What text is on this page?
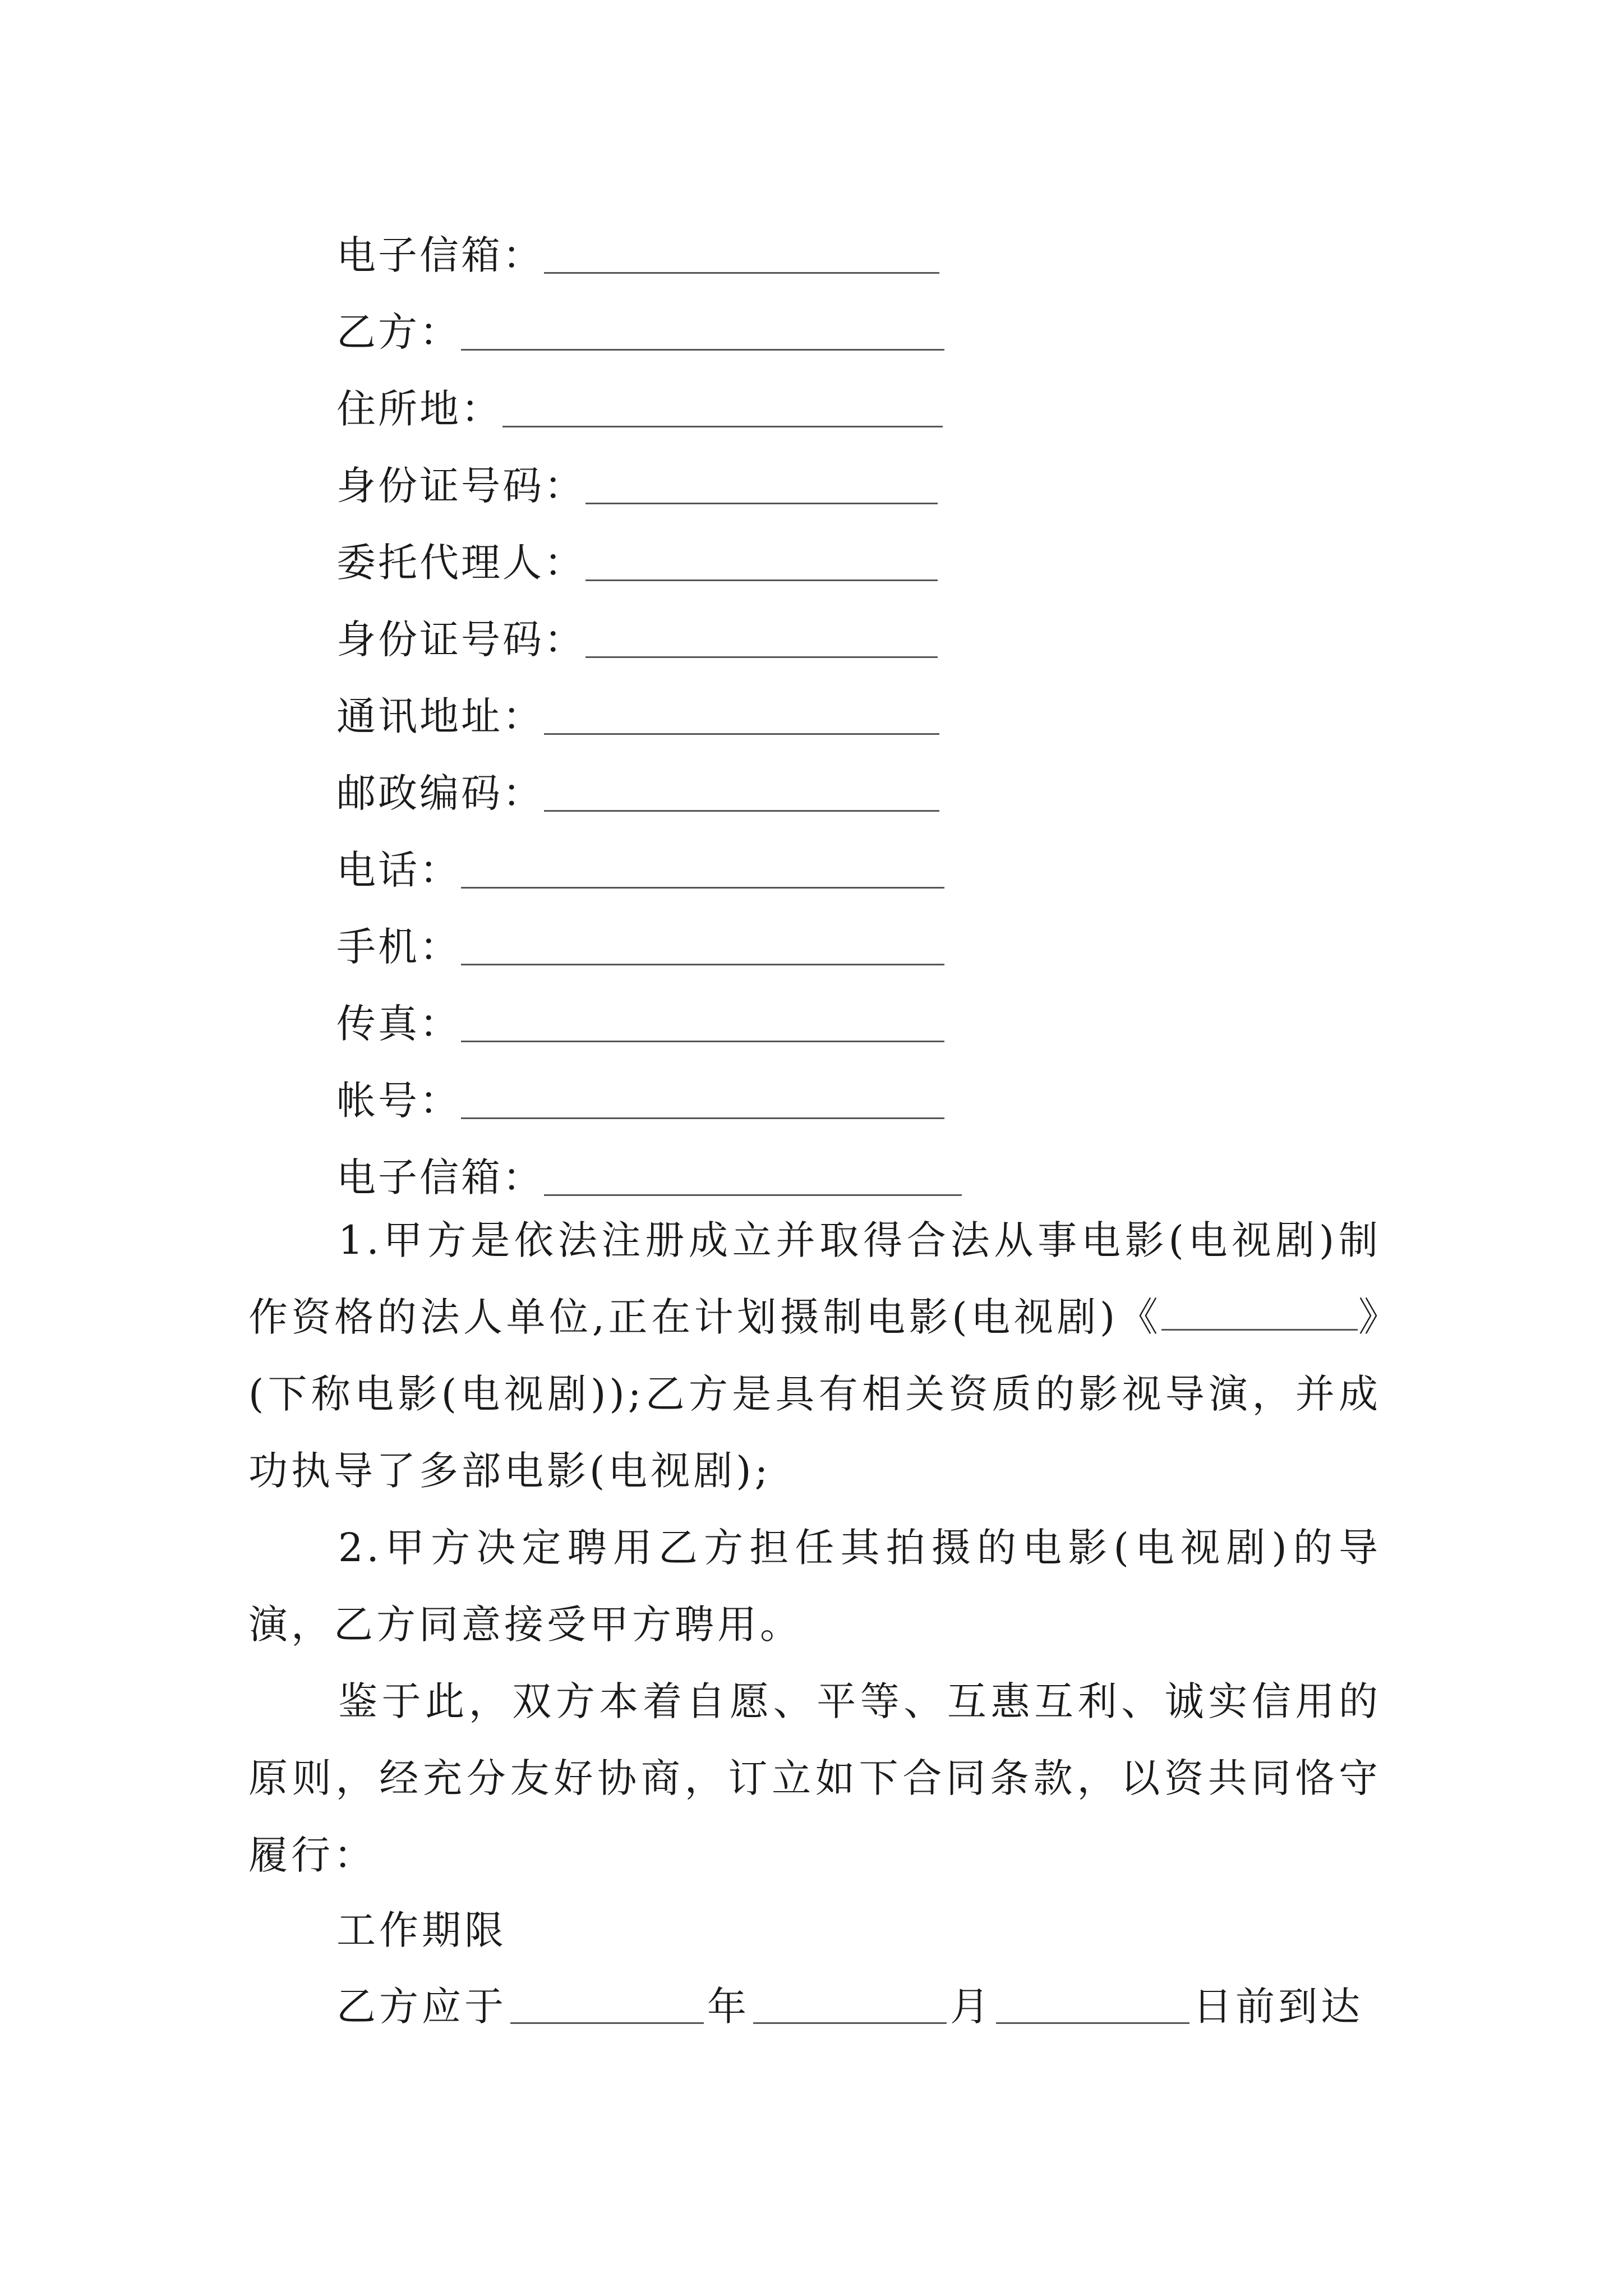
电子信箱：
乙方：
住所地：
身份证号码：
委托代理人：
身份证号码：
通讯地址：
邮政编码：
电话：
手机：
传真：
帐号：
电子信箱：

1.甲方是依法注册成立并取得合法从事电影(电视剧)制作资格的法人单位,正在计划摄制电影(电视剧)《	》(下称电影(电视剧));乙方是具有相关资质的影视导演，并成功执导了多部电影(电视剧);

2.甲方决定聘用乙方担任其拍摄的电影(电视剧)的导演，乙方同意接受甲方聘用。

鉴于此，双方本着自愿、平等、互惠互利、诚实信用的原则，经充分友好协商，订立如下合同条款，以资共同恪守履行：

工作期限

乙方应于	年	月	日前到达
